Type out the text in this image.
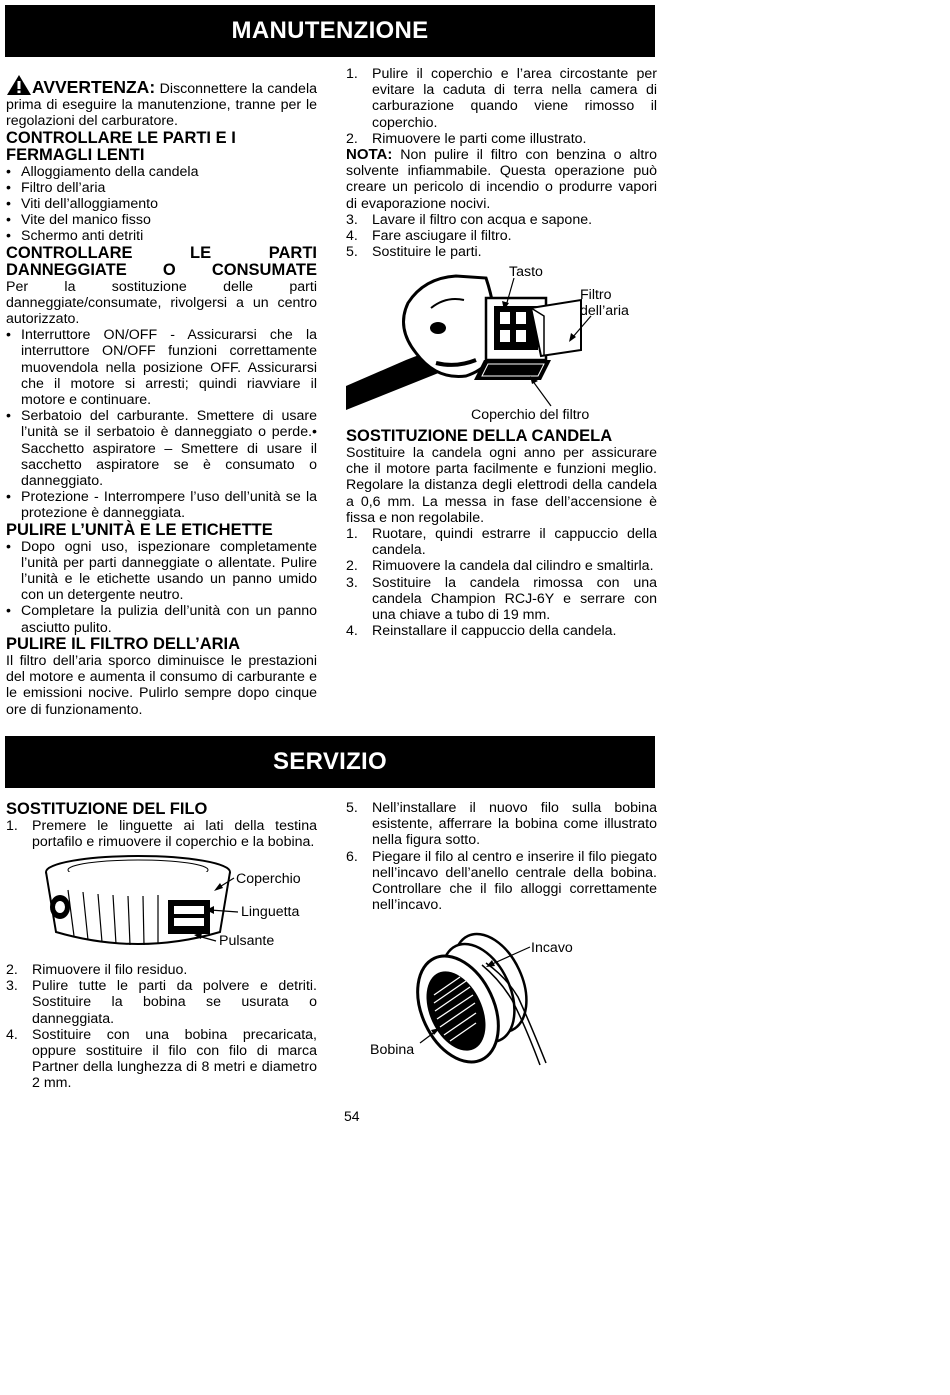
MANUTENZIONE

AVVERTENZA: Disconnettere la candela prima di eseguire la manutenzione, tranne per le regolazioni del carburatore.

CONTROLLARE LE PARTI E I FERMAGLI LENTI
• Alloggiamento della candela
• Filtro dell’aria
• Viti dell’alloggiamento
• Vite del manico fisso
• Schermo anti detriti
CONTROLLARE LE PARTI DANNEGGIATE O CONSUMATE

Per la sostituzione delle parti danneggiate/consumate, rivolgersi a un centro autorizzato.

• Interruttore ON/OFF - Assicurarsi che la interruttore ON/OFF funzioni correttamente muovendola nella posizione OFF. Assicurarsi che il motore si arresti; quindi riavviare il motore e continuare.
• Serbatoio del carburante. Smettere di usare l’unità se il serbatoio è danneggiato o perde.• Sacchetto aspiratore – Smettere di usare il sacchetto aspiratore se è consumato o danneggiato.
• Protezione - Interrompere l’uso dell’unità se la protezione è danneggiata.
PULIRE L’UNITÀ E LE ETICHETTE
• Dopo ogni uso, ispezionare completamente l’unità per parti danneggiate o allentate. Pulire l’unità e le etichette usando un panno umido con un detergente neutro.
• Completare la pulizia dell’unità con un panno asciutto pulito.
PULIRE IL FILTRO DELL’ARIA

Il filtro dell’aria sporco diminuisce le prestazioni del motore e aumenta il consumo di carburante e le emissioni nocive. Pulirlo sempre dopo cinque ore di funzionamento.

1. Pulire il coperchio e l’area circostante per evitare la caduta di terra nella camera di carburazione quando viene rimosso il coperchio.
2. Rimuovere le parti come illustrato.

NOTA: Non pulire il filtro con benzina o altro solvente infiammabile. Questa operazione può creare un pericolo di incendio o produrre vapori di evaporazione nocivi.

3. Lavare il filtro con acqua e sapone.
4. Fare asciugare il filtro.
5. Sostituire le parti.
Tasto
Filtro dell’aria
Coperchio del filtro
SOSTITUZIONE DELLA CANDELA

Sostituire la candela ogni anno per assicurare che il motore parta facilmente e funzioni meglio. Regolare la distanza degli elettrodi della candela a 0,6 mm. La messa in fase dell’accensione è fissa e non regolabile.

1. Ruotare, quindi estrarre il cappuccio della candela.
2. Rimuovere la candela dal cilindro e smaltirla.
3. Sostituire la candela rimossa con una candela Champion RCJ-6Y e serrare con una chiave a tubo di 19 mm.
4. Reinstallare il cappuccio della candela.
SERVIZIO
SOSTITUZIONE DEL FILO
1. Premere le linguette ai lati della testina portafilo e rimuovere il coperchio e la bobina.
Coperchio
Linguetta
Pulsante
2. Rimuovere il filo residuo.
3. Pulire tutte le parti da polvere e detriti. Sostituire la bobina se usurata o danneggiata.
4. Sostituire con una bobina precaricata, oppure sostituire il filo con filo di marca Partner della lunghezza di 8 metri e diametro 2 mm.
5. Nell’installare il nuovo filo sulla bobina esistente, afferrare la bobina come illustrato nella figura sotto.
6. Piegare il filo al centro e inserire il filo piegato nell’incavo dell’anello centrale della bobina. Controllare che il filo alloggi correttamente nell’incavo.
Incavo
Bobina
54
